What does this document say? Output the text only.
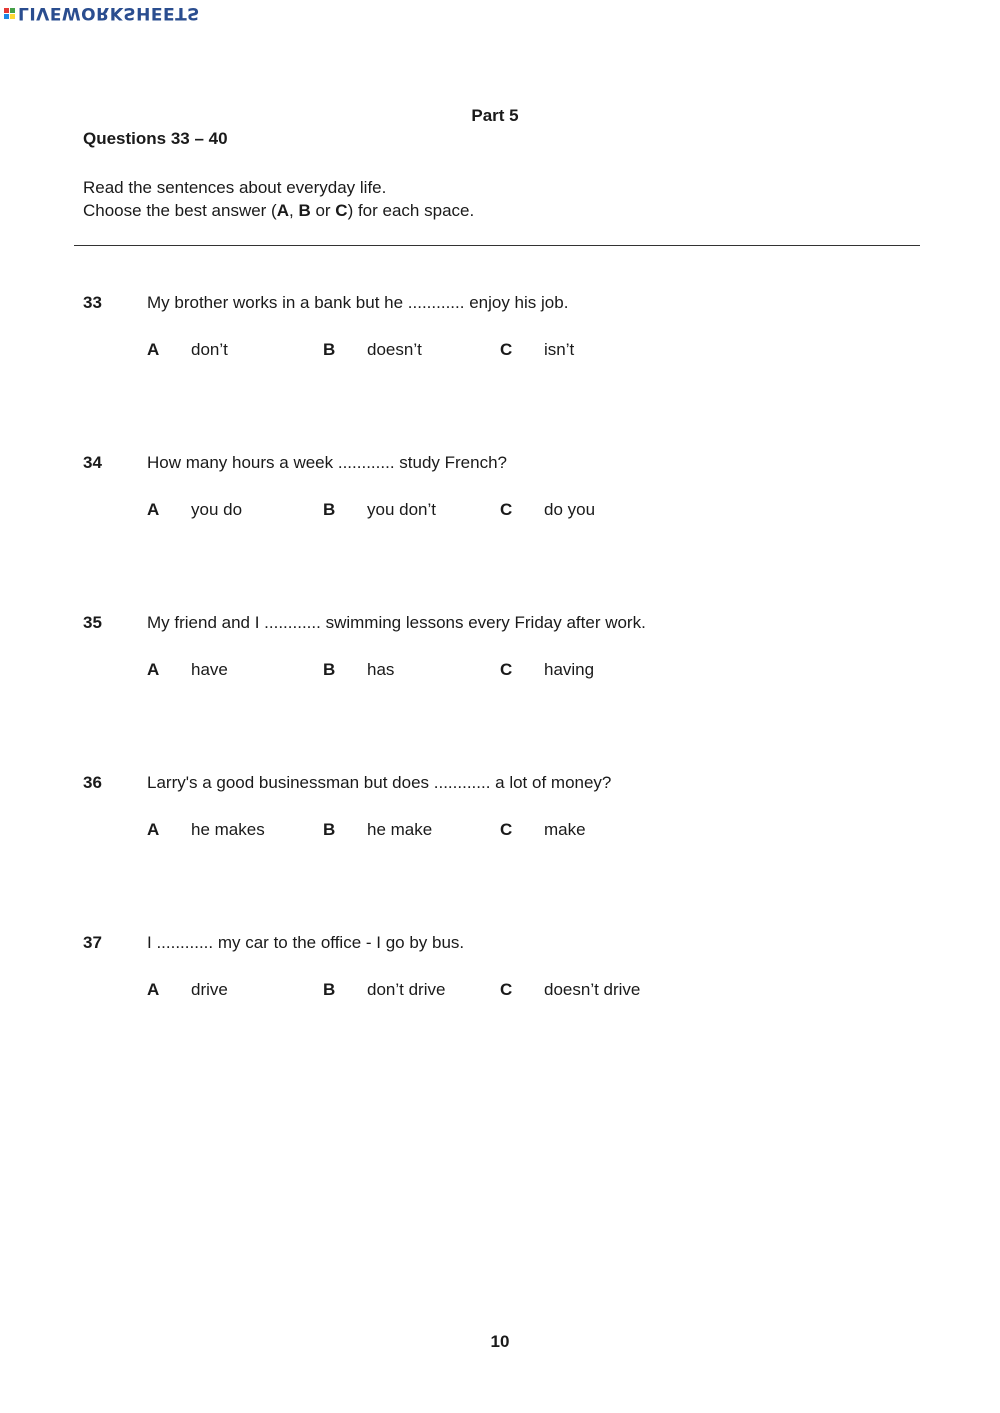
LIVEWORKSHEETS
Part 5
Questions 33 – 40
Read the sentences about everyday life.
Choose the best answer (A, B or C) for each space.
33	My brother works in a bank but he ............ enjoy his job.
A don’t	B doesn’t	C isn’t
34	How many hours a week ............ study French?
A you do	B you don’t	C do you
35	My friend and I ............ swimming lessons every Friday after work.
A have	B has	C having
36	Larry's a good businessman but does ............ a lot of money?
A he makes	B he make	C make
37	I ............ my car to the office - I go by bus.
A drive	B don’t drive	C doesn’t drive
10
